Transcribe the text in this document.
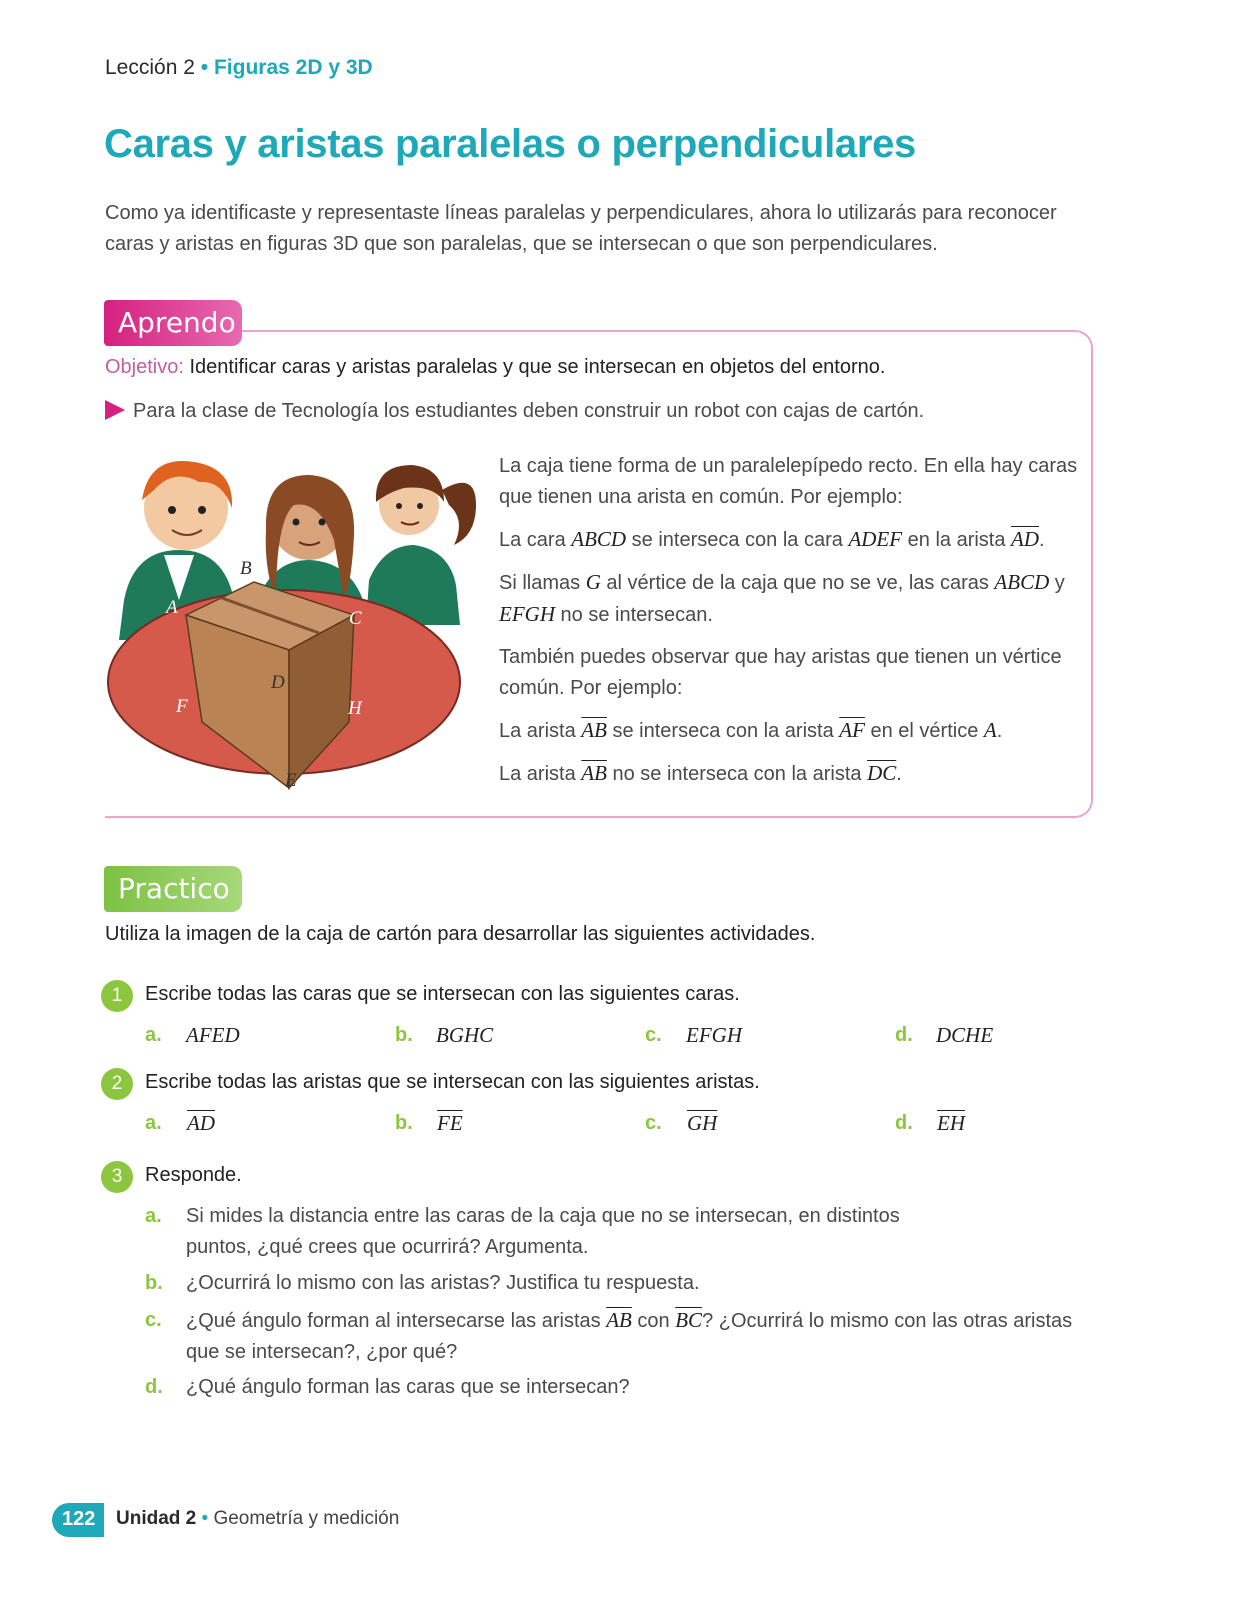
Lección 2 • Figuras 2D y 3D
Caras y aristas paralelas o perpendiculares

Como ya identificaste y representaste líneas paralelas y perpendiculares, ahora lo utilizarás para reconocer caras y aristas en figuras 3D que son paralelas, que se intersecan o que son perpendiculares.

Aprendo
Objetivo: Identificar caras y aristas paralelas y que se intersecan en objetos del entorno.
Para la clase de Tecnología los estudiantes deben construir un robot con cajas de cartón.
A
C
F	H
B
D
E

La caja tiene forma de un paralelepípedo recto. En ella hay caras que tienen una arista en común. Por ejemplo:

La cara ABCD se interseca con la cara ADEF en la arista $\overline{AD}$.

Si llamas G al vértice de la caja que no se ve, las caras ABCD y EFGH no se intersecan.

También puedes observar que hay aristas que tienen un vértice común. Por ejemplo:

La arista $\overline{AB}$ se interseca con la arista $\overline{AF}$ en el vértice A.

La arista $\overline{AB}$ no se interseca con la arista $\overline{DC}$.

Practico
Utiliza la imagen de la caja de cartón para desarrollar las siguientes actividades.
1	Escribe todas las caras que se intersecan con las siguientes caras.
a. AFED	b. BGHC	c. EFGH	d. DCHE
2	Escribe todas las aristas que se intersecan con las siguientes aristas.
a. $\overline{AD}$	b. $\overline{FE}$	c. $\overline{GH}$	d. $\overline{EH}$
3	Responde.
a. Si mides la distancia entre las caras de la caja que no se intersecan, en distintos puntos, ¿qué crees que ocurrirá? Argumenta.
b. ¿Ocurrirá lo mismo con las aristas? Justifica tu respuesta.
c. ¿Qué ángulo forman al intersecarse las aristas $\overline{AB}$ con $\overline{BC}$? ¿Ocurrirá lo mismo con las otras aristas que se intersecan?, ¿por qué?
d. ¿Qué ángulo forman las caras que se intersecan?
122	Unidad 2 • Geometría y medición
